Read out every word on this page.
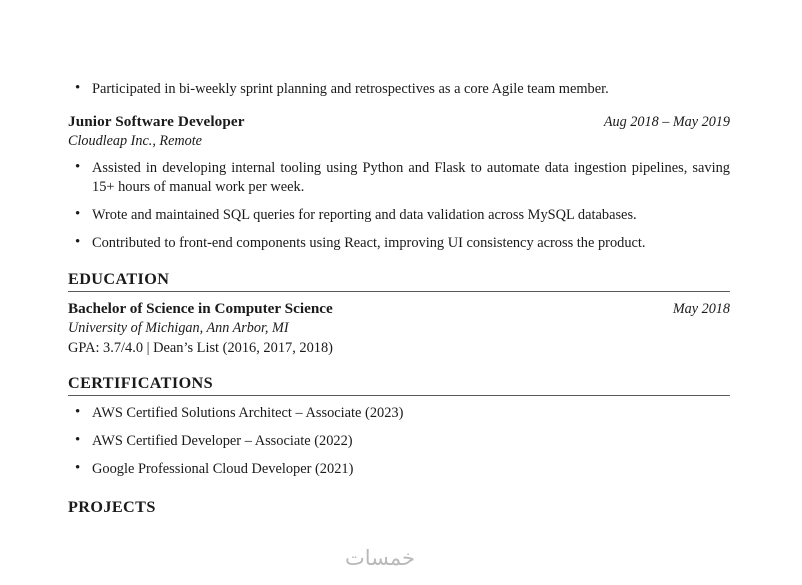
• Participated in bi-weekly sprint planning and retrospectives as a core Agile team member.
Junior Software Developer	Aug 2018 – May 2019
Cloudleap Inc., Remote
• Assisted in developing internal tooling using Python and Flask to automate data ingestion pipelines, saving 15+ hours of manual work per week.
• Wrote and maintained SQL queries for reporting and data validation across MySQL databases.
• Contributed to front-end components using React, improving UI consistency across the product.
EDUCATION
Bachelor of Science in Computer Science	May 2018
University of Michigan, Ann Arbor, MI
GPA: 3.7/4.0 | Dean’s List (2016, 2017, 2018)
CERTIFICATIONS
• AWS Certified Solutions Architect – Associate (2023)
• AWS Certified Developer – Associate (2022)
• Google Professional Cloud Developer (2021)
PROJECTS
خمسات
